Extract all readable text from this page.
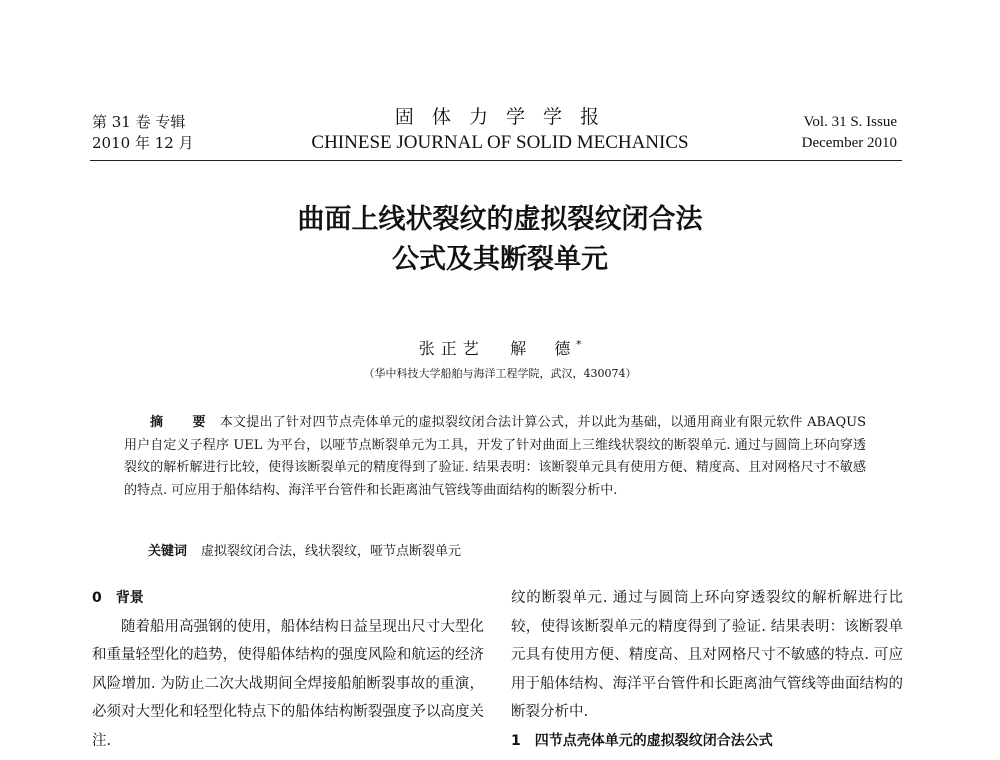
第 31 卷 专辑
2010 年 12 月
固 体 力 学 学 报
CHINESE JOURNAL OF SOLID MECHANICS
Vol. 31 S. Issue
December 2010
曲面上线状裂纹的虚拟裂纹闭合法
公式及其断裂单元
张正艺 解　德*
（华中科技大学船舶与海洋工程学院，武汉，430074）
摘　要 本文提出了针对四节点壳体单元的虚拟裂纹闭合法计算公式，并以此为基础，以通用商业有限元软件 ABAQUS 用户自定义子程序 UEL 为平台，以哑节点断裂单元为工具，开发了针对曲面上三维线状裂纹的断裂单元. 通过与圆筒上环向穿透裂纹的解析解进行比较，使得该断裂单元的精度得到了验证. 结果表明：该断裂单元具有使用方便、精度高、且对网格尺寸不敏感的特点. 可应用于船体结构、海洋平台管件和长距离油气管线等曲面结构的断裂分析中.
关键词 虚拟裂纹闭合法，线状裂纹，哑节点断裂单元
0 背景

随着船用高强钢的使用，船体结构日益呈现出尺寸大型化和重量轻型化的趋势，使得船体结构的强度风险和航运的经济风险增加. 为防止二次大战期间全焊接船舶断裂事故的重演，必须对大型化和轻型化特点下的船体结构断裂强度予以高度关注.

纹的断裂单元. 通过与圆筒上环向穿透裂纹的解析解进行比较，使得该断裂单元的精度得到了验证. 结果表明：该断裂单元具有使用方便、精度高、且对网格尺寸不敏感的特点. 可应用于船体结构、海洋平台管件和长距离油气管线等曲面结构的断裂分析中.

1 四节点壳体单元的虚拟裂纹闭合法公式
